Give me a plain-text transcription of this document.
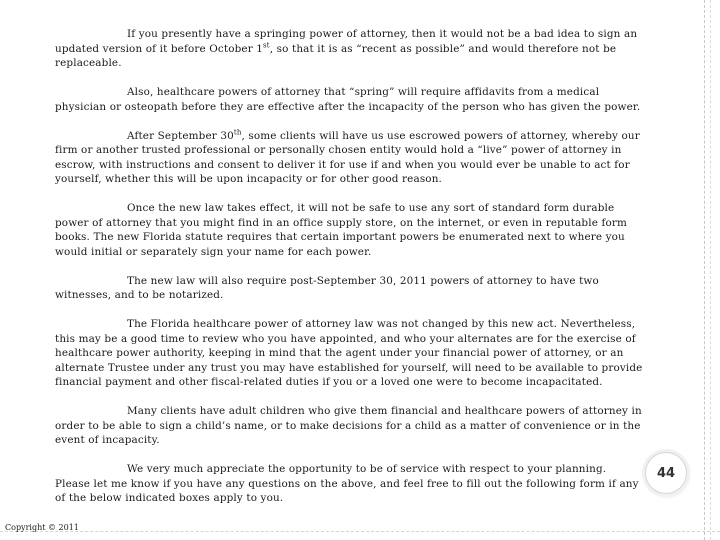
If you presently have a springing power of attorney, then it would not be a bad idea to sign an updated version of it before October 1st, so that it is as “recent as possible” and would therefore not be replaceable.

Also, healthcare powers of attorney that “spring” will require affidavits from a medical physician or osteopath before they are effective after the incapacity of the person who has given the power.

After September 30th, some clients will have us use escrowed powers of attorney, whereby our firm or another trusted professional or personally chosen entity would hold a “live” power of attorney in escrow, with instructions and consent to deliver it for use if and when you would ever be unable to act for yourself, whether this will be upon incapacity or for other good reason.

Once the new law takes effect, it will not be safe to use any sort of standard form durable power of attorney that you might find in an office supply store, on the internet, or even in reputable form books. The new Florida statute requires that certain important powers be enumerated next to where you would initial or separately sign your name for each power.

The new law will also require post-September 30, 2011 powers of attorney to have two witnesses, and to be notarized.

The Florida healthcare power of attorney law was not changed by this new act. Nevertheless, this may be a good time to review who you have appointed, and who your alternates are for the exercise of healthcare power authority, keeping in mind that the agent under your financial power of attorney, or an alternate Trustee under any trust you may have established for yourself, will need to be available to provide financial payment and other fiscal-related duties if you or a loved one were to become incapacitated.

Many clients have adult children who give them financial and healthcare powers of attorney in order to be able to sign a child’s name, or to make decisions for a child as a matter of convenience or in the event of incapacity.

We very much appreciate the opportunity to be of service with respect to your planning. Please let me know if you have any questions on the above, and feel free to fill out the following form if any of the below indicated boxes apply to you.

44
Copyright © 2011
